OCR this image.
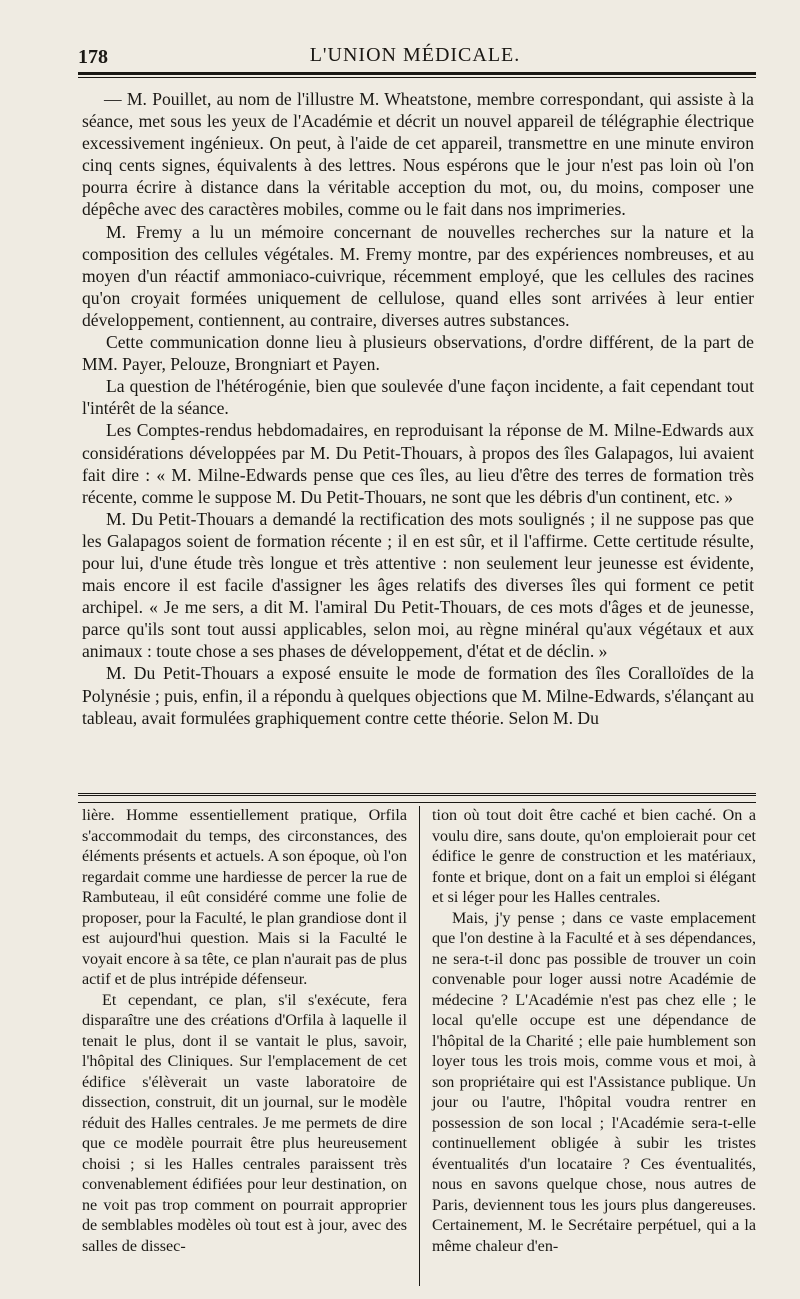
178	L'UNION MÉDICALE.

— M. Pouillet, au nom de l'illustre M. Wheatstone, membre correspondant, qui assiste à la séance, met sous les yeux de l'Académie et décrit un nouvel appareil de télégraphie électrique excessivement ingénieux. On peut, à l'aide de cet appareil, transmettre en une minute environ cinq cents signes, équivalents à des lettres. Nous espérons que le jour n'est pas loin où l'on pourra écrire à distance dans la véritable acception du mot, ou, du moins, composer une dépêche avec des caractères mobiles, comme ou le fait dans nos imprimeries.

M. Fremy a lu un mémoire concernant de nouvelles recherches sur la nature et la composition des cellules végétales. M. Fremy montre, par des expériences nombreuses, et au moyen d'un réactif ammoniaco-cuivrique, récemment employé, que les cellules des racines qu'on croyait formées uniquement de cellulose, quand elles sont arrivées à leur entier développement, contiennent, au contraire, diverses autres substances.

Cette communication donne lieu à plusieurs observations, d'ordre différent, de la part de MM. Payer, Pelouze, Brongniart et Payen.

La question de l'hétérogénie, bien que soulevée d'une façon incidente, a fait cependant tout l'intérêt de la séance.

Les Comptes-rendus hebdomadaires, en reproduisant la réponse de M. Milne-Edwards aux considérations développées par M. Du Petit-Thouars, à propos des îles Galapagos, lui avaient fait dire : « M. Milne-Edwards pense que ces îles, au lieu d'être des terres de formation très récente, comme le suppose M. Du Petit-Thouars, ne sont que les débris d'un continent, etc. »

M. Du Petit-Thouars a demandé la rectification des mots soulignés ; il ne suppose pas que les Galapagos soient de formation récente ; il en est sûr, et il l'affirme. Cette certitude résulte, pour lui, d'une étude très longue et très attentive : non seulement leur jeunesse est évidente, mais encore il est facile d'assigner les âges relatifs des diverses îles qui forment ce petit archipel. « Je me sers, a dit M. l'amiral Du Petit-Thouars, de ces mots d'âges et de jeunesse, parce qu'ils sont tout aussi applicables, selon moi, au règne minéral qu'aux végétaux et aux animaux : toute chose a ses phases de développement, d'état et de déclin. »

M. Du Petit-Thouars a exposé ensuite le mode de formation des îles Coralloïdes de la Polynésie ; puis, enfin, il a répondu à quelques objections que M. Milne-Edwards, s'élançant au tableau, avait formulées graphiquement contre cette théorie. Selon M. Du

lière. Homme essentiellement pratique, Orfila s'accommodait du temps, des circonstances, des éléments présents et actuels. A son époque, où l'on regardait comme une hardiesse de percer la rue de Rambuteau, il eût considéré comme une folie de proposer, pour la Faculté, le plan grandiose dont il est aujourd'hui question. Mais si la Faculté le voyait encore à sa tête, ce plan n'aurait pas de plus actif et de plus intrépide défenseur.

Et cependant, ce plan, s'il s'exécute, fera disparaître une des créations d'Orfila à laquelle il tenait le plus, dont il se vantait le plus, savoir, l'hôpital des Cliniques. Sur l'emplacement de cet édifice s'élèverait un vaste laboratoire de dissection, construit, dit un journal, sur le modèle réduit des Halles centrales. Je me permets de dire que ce modèle pourrait être plus heureusement choisi ; si les Halles centrales paraissent très convenablement édifiées pour leur destination, on ne voit pas trop comment on pourrait approprier de semblables modèles où tout est à jour, avec des salles de dissec-

tion où tout doit être caché et bien caché. On a voulu dire, sans doute, qu'on emploierait pour cet édifice le genre de construction et les matériaux, fonte et brique, dont on a fait un emploi si élégant et si léger pour les Halles centrales.

Mais, j'y pense ; dans ce vaste emplacement que l'on destine à la Faculté et à ses dépendances, ne sera-t-il donc pas possible de trouver un coin convenable pour loger aussi notre Académie de médecine ? L'Académie n'est pas chez elle ; le local qu'elle occupe est une dépendance de l'hôpital de la Charité ; elle paie humblement son loyer tous les trois mois, comme vous et moi, à son propriétaire qui est l'Assistance publique. Un jour ou l'autre, l'hôpital voudra rentrer en possession de son local ; l'Académie sera-t-elle continuellement obligée à subir les tristes éventualités d'un locataire ? Ces éventualités, nous en savons quelque chose, nous autres de Paris, deviennent tous les jours plus dangereuses. Certainement, M. le Secrétaire perpétuel, qui a la même chaleur d'en-
